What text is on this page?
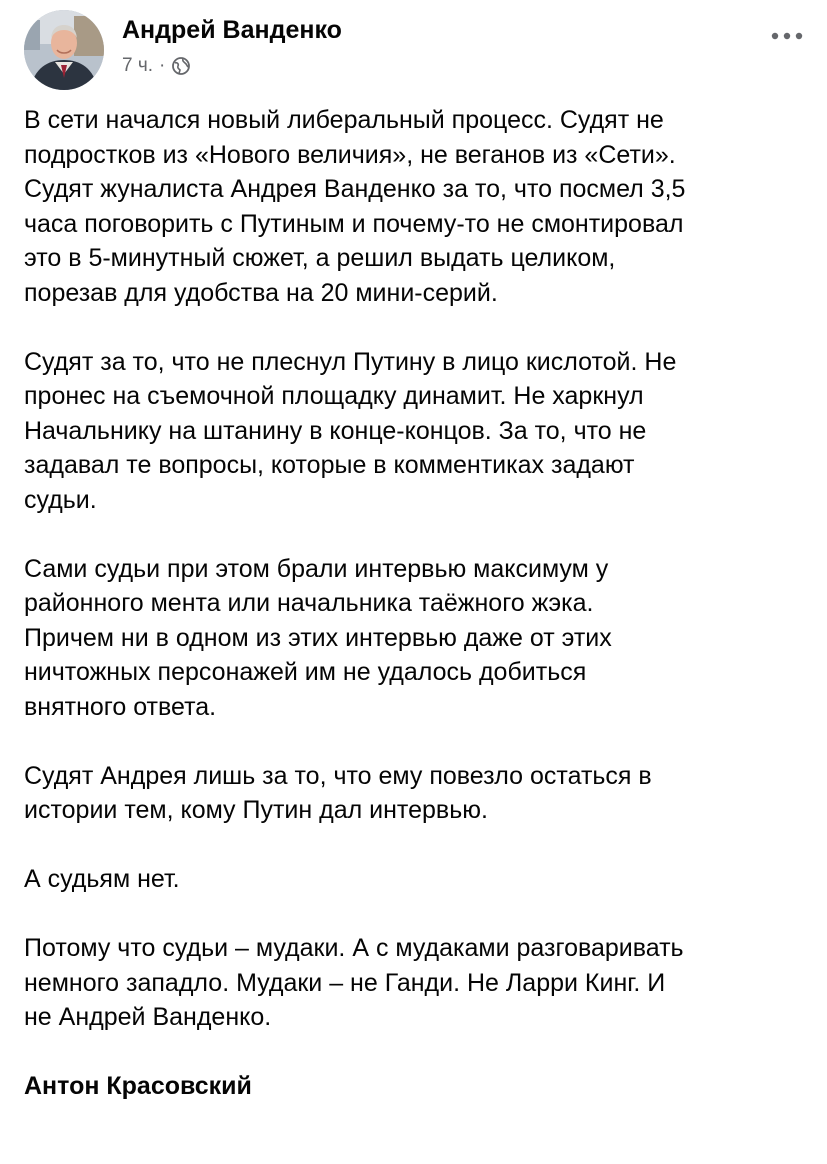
Андрей Ванденко
7 ч. ·

В сети начался новый либеральный процесс. Судят не
подростков из «Нового величия», не веганов из «Сети».
Судят жуналиста Андрея Ванденко за то, что посмел 3,5
часа поговорить с Путиным и почему-то не смонтировал
это в 5-минутный сюжет, а решил выдать целиком,
порезав для удобства на 20 мини-серий.

Судят за то, что не плеснул Путину в лицо кислотой. Не
пронес на съемочной площадку динамит. Не харкнул
Начальнику на штанину в конце-концов. За то, что не
задавал те вопросы, которые в комментиках задают
судьи.

Сами судьи при этом брали интервью максимум у
районного мента или начальника таёжного жэка.
Причем ни в одном из этих интервью даже от этих
ничтожных персонажей им не удалось добиться
внятного ответа.

Судят Андрея лишь за то, что ему повезло остаться в
истории тем, кому Путин дал интервью.

А судьям нет.

Потому что судьи – мудаки. А с мудаками разговаривать
немного западло. Мудаки – не Ганди. Не Ларри Кинг. И
не Андрей Ванденко.

Антон Красовский
